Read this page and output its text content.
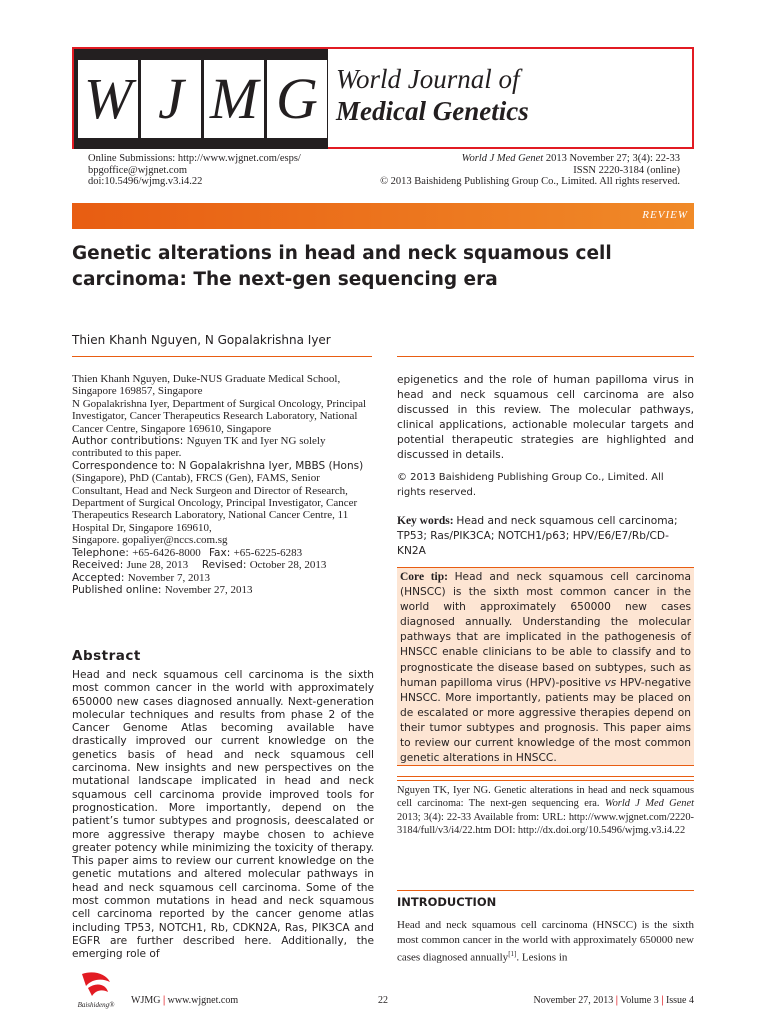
W J M G World Journal of
Medical Genetics
Online Submissions: http://www.wjgnet.com/esps/
bpgoffice@wjgnet.com
doi:10.5496/wjmg.v3.i4.22
World J Med Genet 2013 November 27; 3(4): 22-33
ISSN 2220-3184 (online)
© 2013 Baishideng Publishing Group Co., Limited. All rights reserved.
REVIEW
Genetic alterations in head and neck squamous cell carcinoma: The next-gen sequencing era
Thien Khanh Nguyen, N Gopalakrishna Iyer

Thien Khanh Nguyen, Duke-NUS Graduate Medical School, Singapore 169857, Singapore

N Gopalakrishna Iyer, Department of Surgical Oncology, Principal Investigator, Cancer Therapeutics Research Laboratory, National Cancer Centre, Singapore 169610, Singapore

Author contributions: Nguyen TK and Iyer NG solely contributed to this paper.

Correspondence to: N Gopalakrishna Iyer, MBBS (Hons) (Singapore), PhD (Cantab), FRCS (Gen), FAMS, Senior Consultant, Head and Neck Surgeon and Director of Research, Department of Surgical Oncology, Principal Investigator, Cancer Therapeutics Research Laboratory, National Cancer Centre, 11 Hospital Dr, Singapore 169610,

Singapore. gopaliyer@nccs.com.sg

Telephone: +65-6426-8000 Fax: +65-6225-6283

Received: June 28, 2013 Revised: October 28, 2013

Accepted: November 7, 2013

Published online: November 27, 2013

Abstract
Head and neck squamous cell carcinoma is the sixth most common cancer in the world with approximately 650000 new cases diagnosed annually. Next-generation molecular techniques and results from phase 2 of the Cancer Genome Atlas becoming available have drastically improved our current knowledge on the genetics basis of head and neck squamous cell carcinoma. New insights and new perspectives on the mutational landscape implicated in head and neck squamous cell carcinoma provide improved tools for prognostication. More importantly, depend on the patient’s tumor subtypes and prognosis, deescalated or more aggressive therapy maybe chosen to achieve greater potency while minimizing the toxicity of therapy. This paper aims to review our current knowledge on the genetic mutations and altered molecular pathways in head and neck squamous cell carcinoma. Some of the most common mutations in head and neck squamous cell carcinoma reported by the cancer genome atlas including TP53, NOTCH1, Rb, CDKN2A, Ras, PIK3CA and EGFR are further described here. Additionally, the emerging role of
epigenetics and the role of human papilloma virus in head and neck squamous cell carcinoma are also discussed in this review. The molecular pathways, clinical applications, actionable molecular targets and potential therapeutic strategies are highlighted and discussed in details.
© 2013 Baishideng Publishing Group Co., Limited. All rights reserved.
Key words: Head and neck squamous cell carcinoma; TP53; Ras/PIK3CA; NOTCH1/p63; HPV/E6/E7/Rb/CD-KN2A
Core tip: Head and neck squamous cell carcinoma (HNSCC) is the sixth most common cancer in the world with approximately 650000 new cases diagnosed annually. Understanding the molecular pathways that are implicated in the pathogenesis of HNSCC enable clinicians to be able to classify and to prognosticate the disease based on subtypes, such as human papilloma virus (HPV)-positive vs HPV-negative HNSCC. More importantly, patients may be placed on de escalated or more aggressive therapies depend on their tumor subtypes and prognosis. This paper aims to review our current knowledge of the most common genetic alterations in HNSCC.
Nguyen TK, Iyer NG. Genetic alterations in head and neck squamous cell carcinoma: The next-gen sequencing era. World J Med Genet 2013; 3(4): 22-33 Available from: URL: http://www.wjgnet.com/2220-3184/full/v3/i4/22.htm DOI: http://dx.doi.org/10.5496/wjmg.v3.i4.22
INTRODUCTION
Head and neck squamous cell carcinoma (HNSCC) is the sixth most common cancer in the world with approximately 650000 new cases diagnosed annually[1]. Lesions in
Baishideng® WJMG | www.wjgnet.com	22	November 27, 2013 | Volume 3 | Issue 4
